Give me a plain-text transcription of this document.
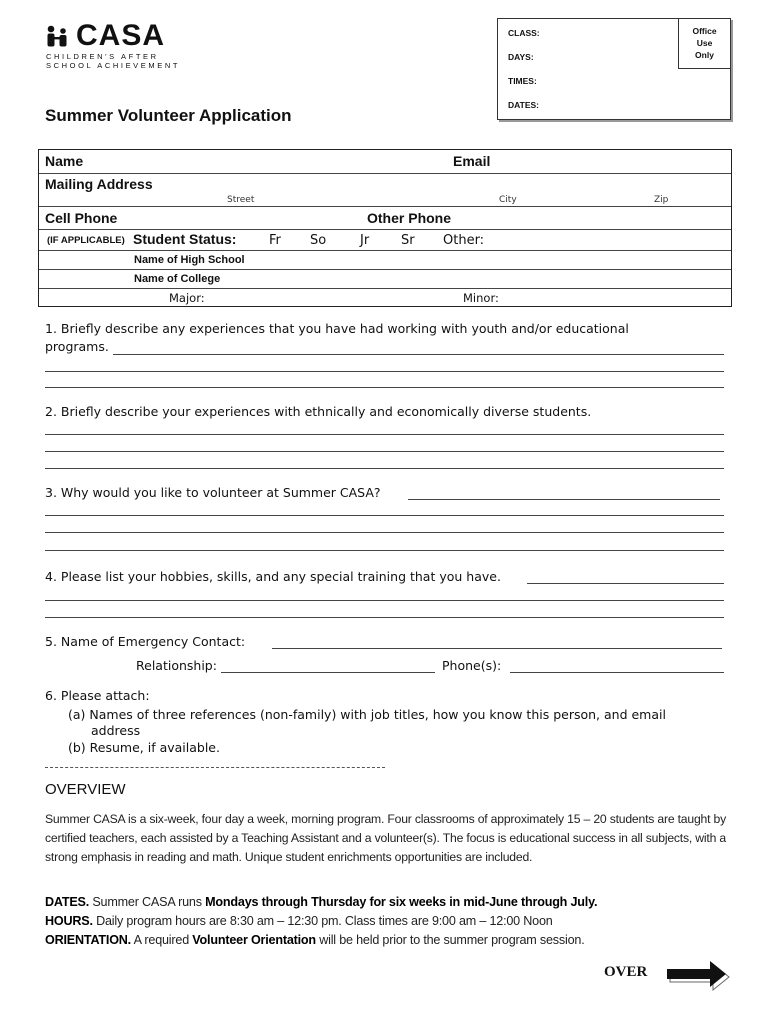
CASA
CHILDREN'S AFTER
SCHOOL ACHIEVEMENT
CLASS:
DAYS:
TIMES:
DATES:
Office
Use
Only
Summer Volunteer Application
Name	Email
Mailing Address
Street	City	Zip
Cell Phone	Other Phone
(IF APPLICABLE) Student Status:	Fr So	Jr Sr Other:
Name of High School
Name of College
Major:	Minor:
1. Briefly describe any experiences that you have had working with youth and/or educational
programs.
2. Briefly describe your experiences with ethnically and economically diverse students.
3. Why would you like to volunteer at Summer CASA?
4. Please list your hobbies, skills, and any special training that you have.
5. Name of Emergency Contact:
Relationship:	Phone(s):
6. Please attach:
(a) Names of three references (non-family) with job titles, how you know this person, and email
address
(b) Resume, if available.
OVERVIEW
Summer CASA is a six-week, four day a week, morning program. Four classrooms of approximately 15 – 20 students are taught by certified teachers, each assisted by a Teaching Assistant and a volunteer(s). The focus is educational success in all subjects, with a strong emphasis in reading and math. Unique student enrichments opportunities are included.
DATES. Summer CASA runs Mondays through Thursday for six weeks in mid-June through July.
HOURS. Daily program hours are 8:30 am – 12:30 pm. Class times are 9:00 am – 12:00 Noon
ORIENTATION. A required Volunteer Orientation will be held prior to the summer program session.
OVER
